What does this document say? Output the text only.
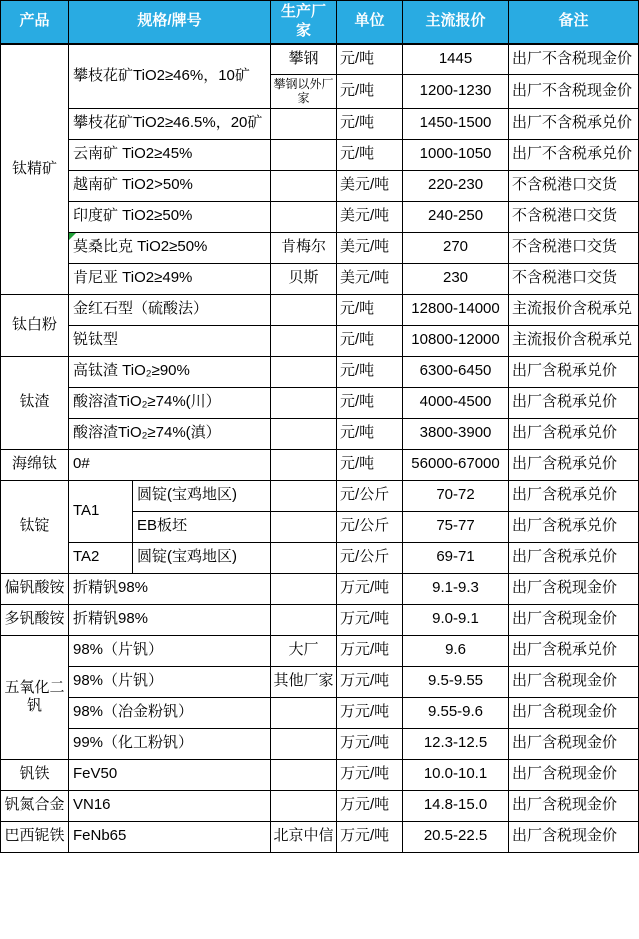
产品	规格/牌号		生产厂家	单位	主流报价	备注
钛精矿	攀枝花矿TiO2≥46%，10矿		攀钢	元/吨	1445	出厂不含税现金价
			攀钢以外厂家	元/吨	1200-1230	出厂不含税现金价
	攀枝花矿TiO2≥46.5%，20矿			元/吨	1450-1500	出厂不含税承兑价
	云南矿 TiO2≥45%			元/吨	1000-1050	出厂不含税承兑价
	越南矿 TiO2>50%			美元/吨	220-230	不含税港口交货
	印度矿 TiO2≥50%			美元/吨	240-250	不含税港口交货
	莫桑比克 TiO2≥50%		肯梅尔	美元/吨	270	不含税港口交货
	肯尼亚 TiO2≥49%		贝斯	美元/吨	230	不含税港口交货
钛白粉	金红石型（硫酸法）			元/吨	12800-14000	主流报价含税承兑
	锐钛型			元/吨	10800-12000	主流报价含税承兑
钛渣	高钛渣 TiO₂≥90%			元/吨	6300-6450	出厂含税承兑价
	酸溶渣TiO₂≥74%(川）			元/吨	4000-4500	出厂含税承兑价
	酸溶渣TiO₂≥74%(滇）			元/吨	3800-3900	出厂含税承兑价
海绵钛	0#			元/吨	56000-67000	出厂含税承兑价
钛锭	TA1	圆锭(宝鸡地区)		元/公斤	70-72	出厂含税承兑价
		EB板坯		元/公斤	75-77	出厂含税承兑价
	TA2	圆锭(宝鸡地区)		元/公斤	69-71	出厂含税承兑价
偏钒酸铵	折精钒98%			万元/吨	9.1-9.3	出厂含税现金价
多钒酸铵	折精钒98%			万元/吨	9.0-9.1	出厂含税现金价
五氧化二钒	98%（片钒）		大厂	万元/吨	9.6	出厂含税承兑价
	98%（片钒）		其他厂家	万元/吨	9.5-9.55	出厂含税现金价
	98%（冶金粉钒）			万元/吨	9.55-9.6	出厂含税现金价
	99%（化工粉钒）			万元/吨	12.3-12.5	出厂含税现金价
钒铁	FeV50			万元/吨	10.0-10.1	出厂含税现金价
钒氮合金	VN16			万元/吨	14.8-15.0	出厂含税现金价
巴西铌铁	FeNb65		北京中信	万元/吨	20.5-22.5	出厂含税现金价
